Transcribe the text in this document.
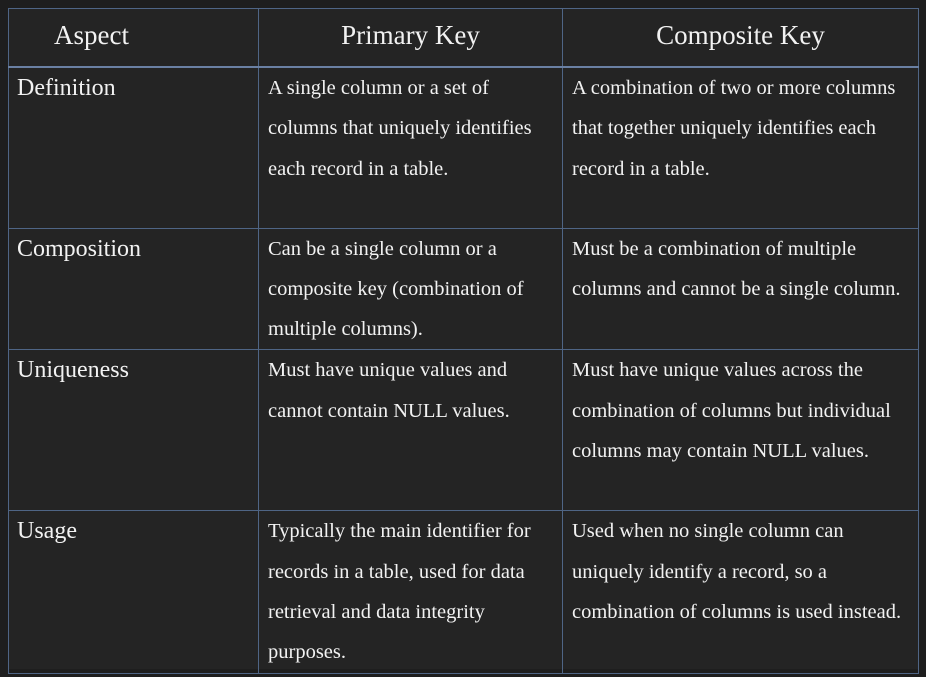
Aspect	Primary Key	Composite Key
Definition	A single column or a set of columns that uniquely identifies each record in a table.	A combination of two or more columns that together uniquely identifies each record in a table.
Composition	Can be a single column or a composite key (combination of multiple columns).	Must be a combination of multiple columns and cannot be a single column.
Uniqueness	Must have unique values and cannot contain NULL values.	Must have unique values across the combination of columns but individual columns may contain NULL values.
Usage	Typically the main identifier for records in a table, used for data retrieval and data integrity purposes.	Used when no single column can uniquely identify a record, so a combination of columns is used instead.
